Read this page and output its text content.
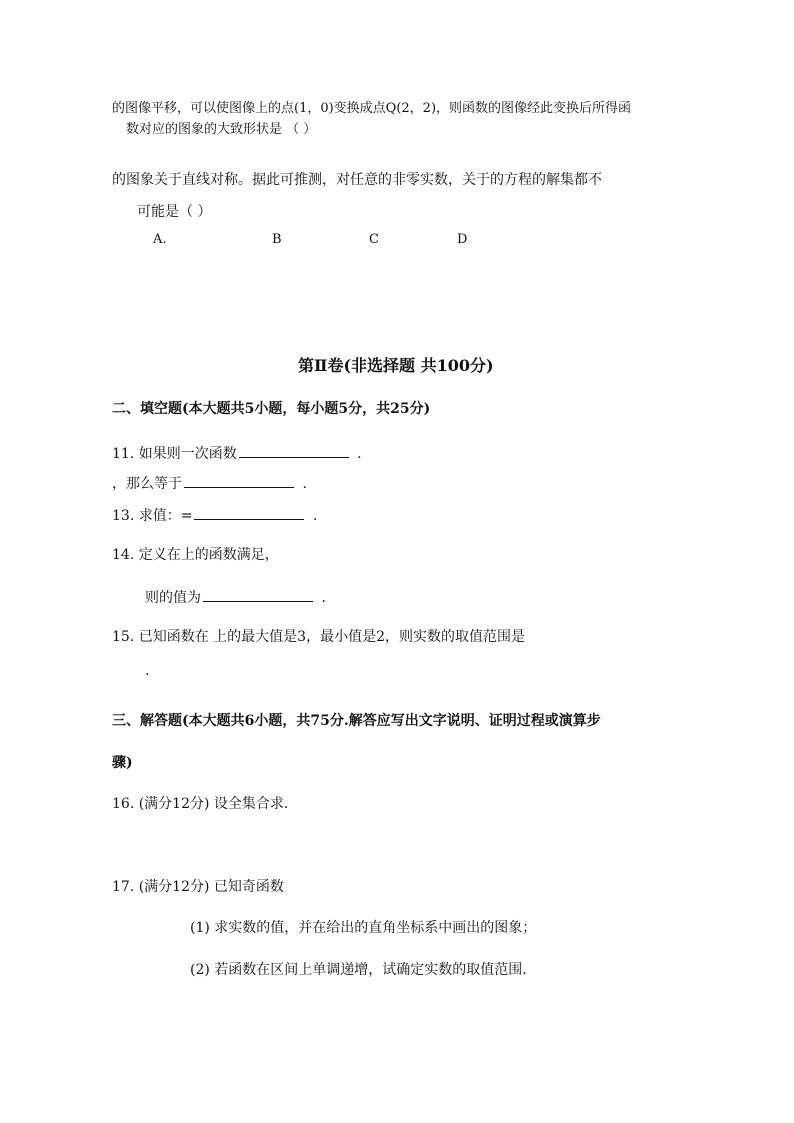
的图像平移，可以使图像上的点(1，0)变换成点Q(2，2)，则函数的图像经此变换后所得函
数对应的图象的大致形状是 （ ）
的图象关于直线对称。据此可推测，对任意的非零实数，关于的方程的解集都不
可能是（ ）
A.	B	C	D
第Ⅱ卷(非选择题 共100分)
二、填空题(本大题共5小题，每小题5分，共25分)
11. 如果则一次函数	.
，那么等于	.
13. 求值：=	.
14. 定义在上的函数满足，
则的值为	.
15. 已知函数在 上的最大值是3，最小值是2，则实数的取值范围是
.
三、解答题(本大题共6小题，共75分.解答应写出文字说明、证明过程或演算步
骤)
16. (满分12分) 设全集合求.
17. (满分12分) 已知奇函数
(1) 求实数的值，并在给出的直角坐标系中画出的图象；
(2) 若函数在区间上单调递增，试确定实数的取值范围.
